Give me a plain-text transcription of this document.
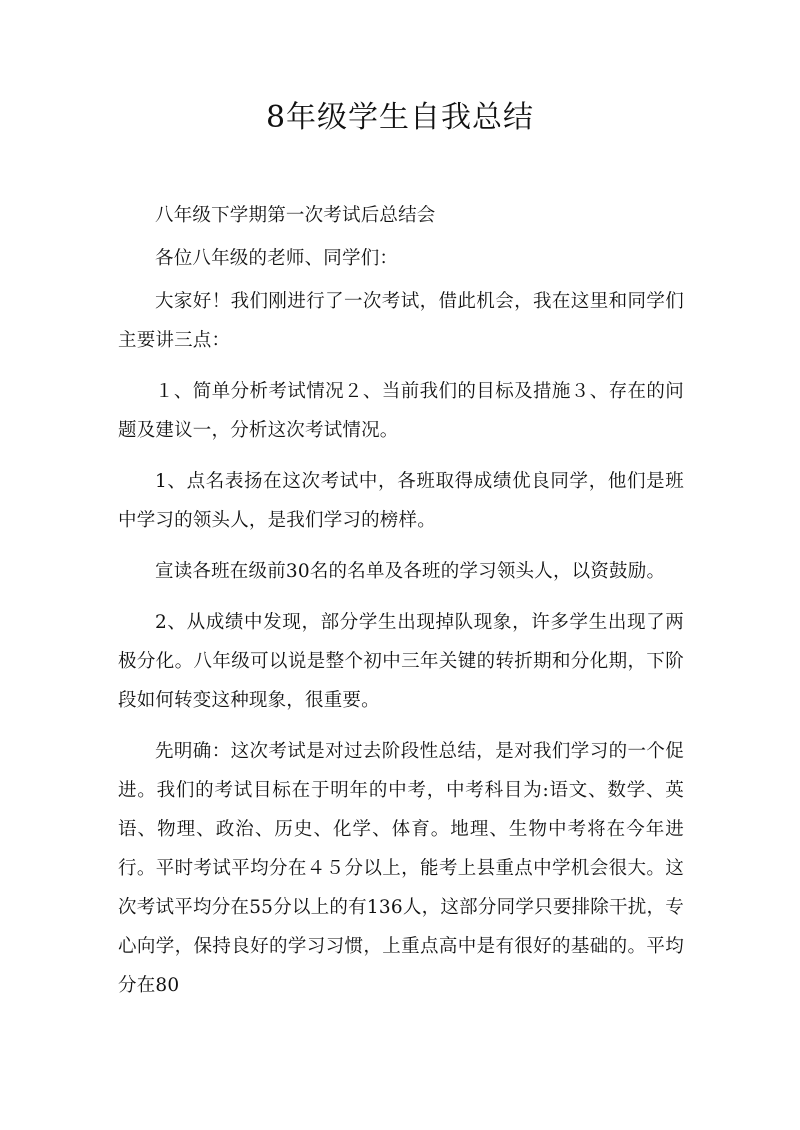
8年级学生自我总结

八年级下学期第一次考试后总结会

各位八年级的老师、同学们：

大家好！我们刚进行了一次考试，借此机会，我在这里和同学们主要讲三点：

１、简单分析考试情况２、当前我们的目标及措施３、存在的问题及建议一，分析这次考试情况。

1、点名表扬在这次考试中，各班取得成绩优良同学，他们是班中学习的领头人，是我们学习的榜样。

宣读各班在级前30名的名单及各班的学习领头人，以资鼓励。

2、从成绩中发现，部分学生出现掉队现象，许多学生出现了两极分化。八年级可以说是整个初中三年关键的转折期和分化期，下阶段如何转变这种现象，很重要。

先明确：这次考试是对过去阶段性总结，是对我们学习的一个促进。我们的考试目标在于明年的中考，中考科目为:语文、数学、英语、物理、政治、历史、化学、体育。地理、生物中考将在今年进行。平时考试平均分在４５分以上，能考上县重点中学机会很大。这次考试平均分在55分以上的有136人，这部分同学只要排除干扰，专心向学，保持良好的学习习惯，上重点高中是有很好的基础的。平均分在80
